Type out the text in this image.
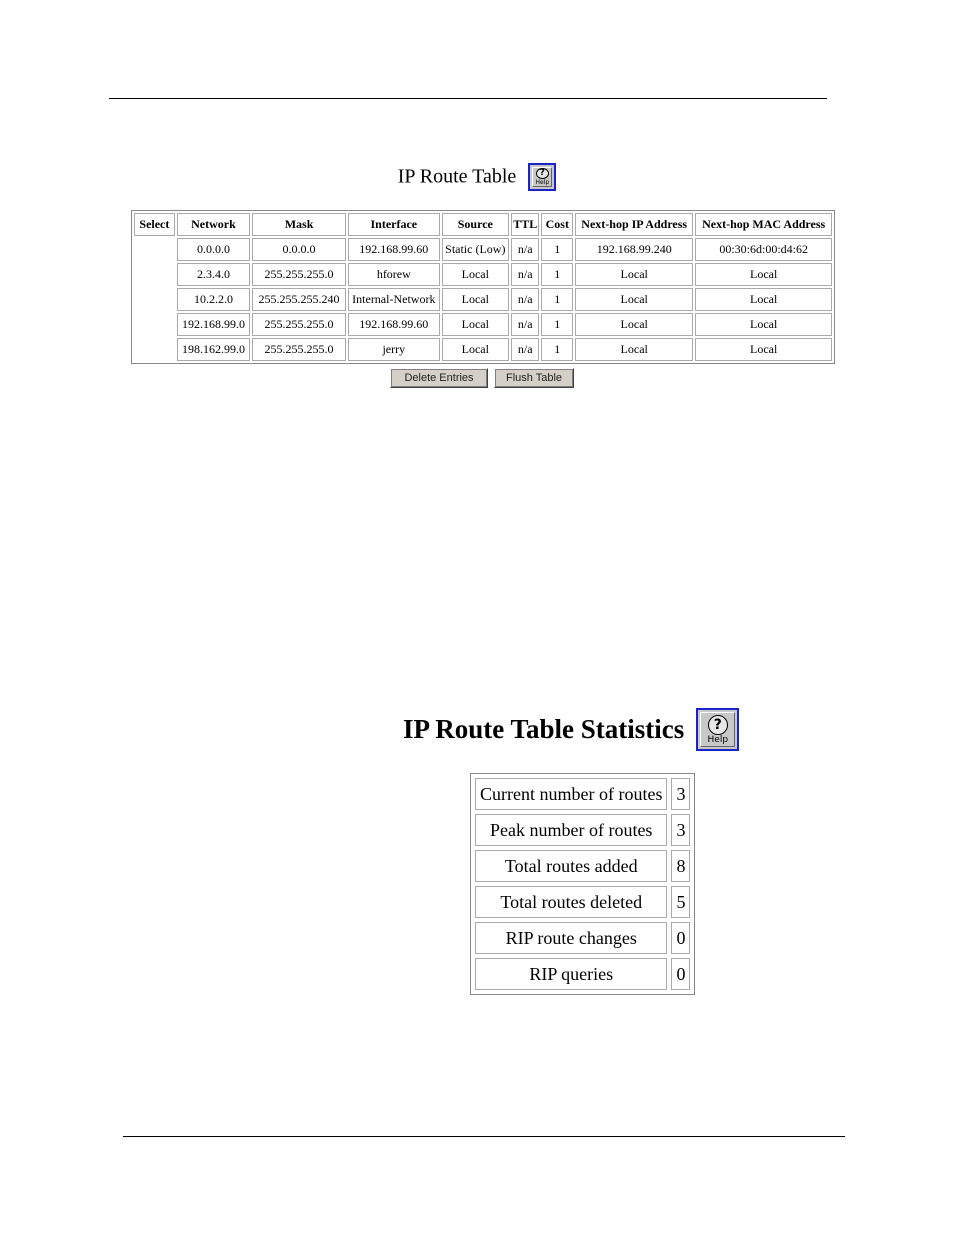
IP Route Table	?
Help
Select	Network	Mask	Interface	Source	TTL	Cost	Next-hop IP Address	Next-hop MAC Address
	0.0.0.0	0.0.0.0	192.168.99.60	Static (Low)	n/a	1	192.168.99.240	00:30:6d:00:d4:62
	2.3.4.0	255.255.255.0	hforew	Local	n/a	1	Local	Local
	10.2.2.0	255.255.255.240	Internal-Network	Local	n/a	1	Local	Local
	192.168.99.0	255.255.255.0	192.168.99.60	Local	n/a	1	Local	Local
	198.162.99.0	255.255.255.0	jerry	Local	n/a	1	Local	Local
Delete Entries	Flush Table
IP Route Table Statistics	?
Help
Current number of routes	3
Peak number of routes	3
Total routes added	8
Total routes deleted	5
RIP route changes	0
RIP queries	0
